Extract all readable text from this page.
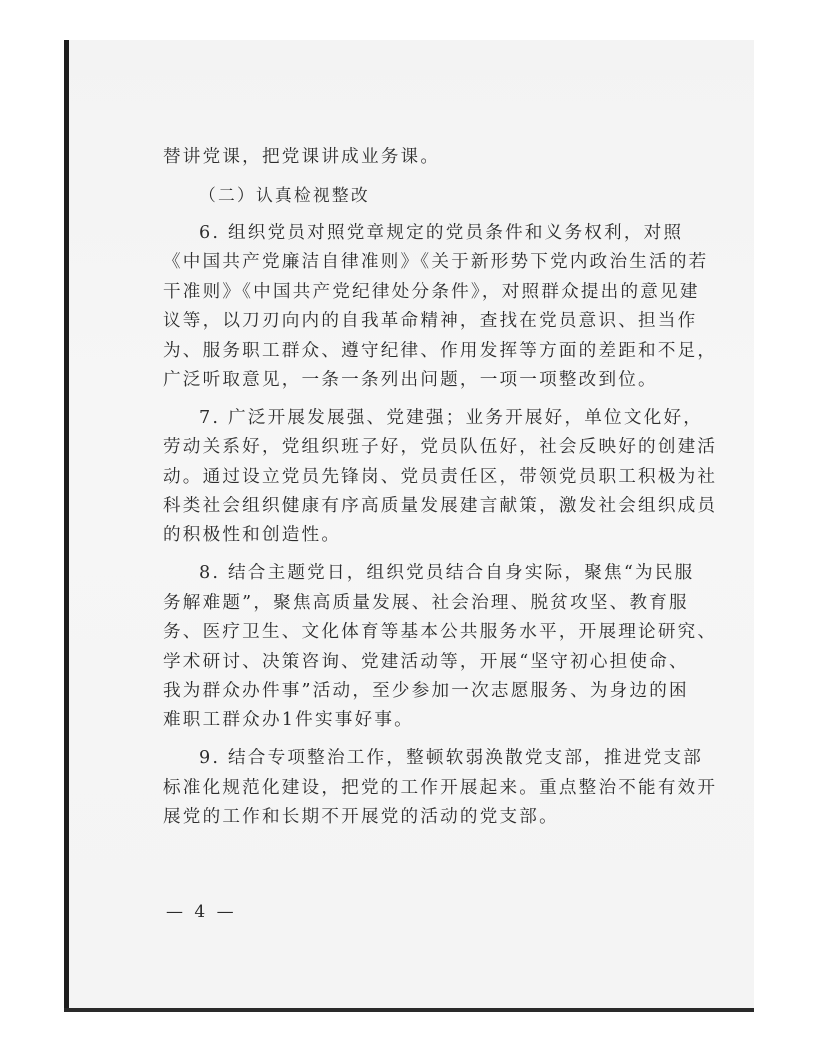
替讲党课，把党课讲成业务课。
（二）认真检视整改
6. 组织党员对照党章规定的党员条件和义务权利，对照
《中国共产党廉洁自律准则》《关于新形势下党内政治生活的若
干准则》《中国共产党纪律处分条件》，对照群众提出的意见建
议等，以刀刃向内的自我革命精神，查找在党员意识、担当作
为、服务职工群众、遵守纪律、作用发挥等方面的差距和不足，
广泛听取意见，一条一条列出问题，一项一项整改到位。
7. 广泛开展发展强、党建强；业务开展好，单位文化好，
劳动关系好，党组织班子好，党员队伍好，社会反映好的创建活
动。通过设立党员先锋岗、党员责任区，带领党员职工积极为社
科类社会组织健康有序高质量发展建言献策，激发社会组织成员
的积极性和创造性。
8. 结合主题党日，组织党员结合自身实际，聚焦“为民服
务解难题”，聚焦高质量发展、社会治理、脱贫攻坚、教育服
务、医疗卫生、文化体育等基本公共服务水平，开展理论研究、
学术研讨、决策咨询、党建活动等，开展“坚守初心担使命、
我为群众办件事”活动，至少参加一次志愿服务、为身边的困
难职工群众办1件实事好事。
9. 结合专项整治工作，整顿软弱涣散党支部，推进党支部
标准化规范化建设，把党的工作开展起来。重点整治不能有效开
展党的工作和长期不开展党的活动的党支部。
— 4 —
